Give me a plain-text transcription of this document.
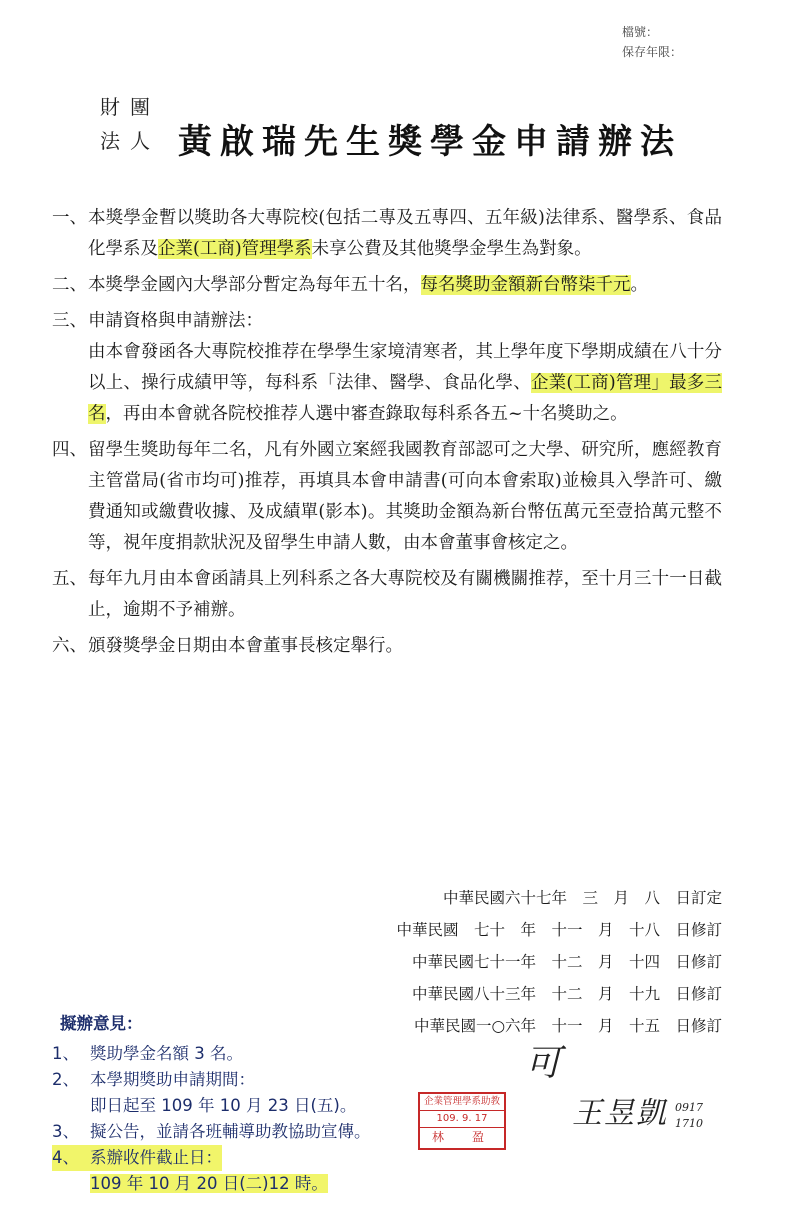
檔號：
保存年限：
財團法人 黃啟瑞先生獎學金申請辦法
一、 本獎學金暫以獎助各大專院校(包括二專及五專四、五年級)法律系、醫學系、食品化學系及企業(工商)管理學系未享公費及其他獎學金學生為對象。
二、 本獎學金國內大學部分暫定為每年五十名，每名獎助金額新台幣柒千元。
三、 申請資格與申請辦法：
由本會發函各大專院校推荐在學學生家境清寒者，其上學年度下學期成績在八十分以上、操行成績甲等，每科系「法律、醫學、食品化學、企業(工商)管理」最多三名，再由本會就各院校推荐人選中審查錄取每科系各五~十名獎助之。
四、 留學生獎助每年二名，凡有外國立案經我國教育部認可之大學、研究所，應經教育主管當局(省市均可)推荐，再填具本會申請書(可向本會索取)並檢具入學許可、繳費通知或繳費收據、及成績單(影本)。其獎助金額為新台幣伍萬元至壹拾萬元整不等，視年度捐款狀況及留學生申請人數，由本會董事會核定之。
五、 每年九月由本會函請具上列科系之各大專院校及有關機關推荐，至十月三十一日截止，逾期不予補辦。
六、 頒發獎學金日期由本會董事長核定舉行。
中華民國六十七年　三　月　八　日訂定
中華民國　七十　年　十一　月　十八　日修訂
中華民國七十一年　十二　月　十四　日修訂
中華民國八十三年　十二　月　十九　日修訂
中華民國一○六年　十一　月　十五　日修訂
擬辦意見：
1、 獎助學金名額 3 名。
2、 本學期獎助申請期間：
即日起至 109 年 10 月 23 日(五)。
3、 擬公告，並請各班輔導助教協助宣傳。
4、 系辦收件截止日：
109 年 10 月 20 日(二)12 時。
企業管理學系助教
109. 9. 17
林　盈
可
王昱凱 0917 1710
